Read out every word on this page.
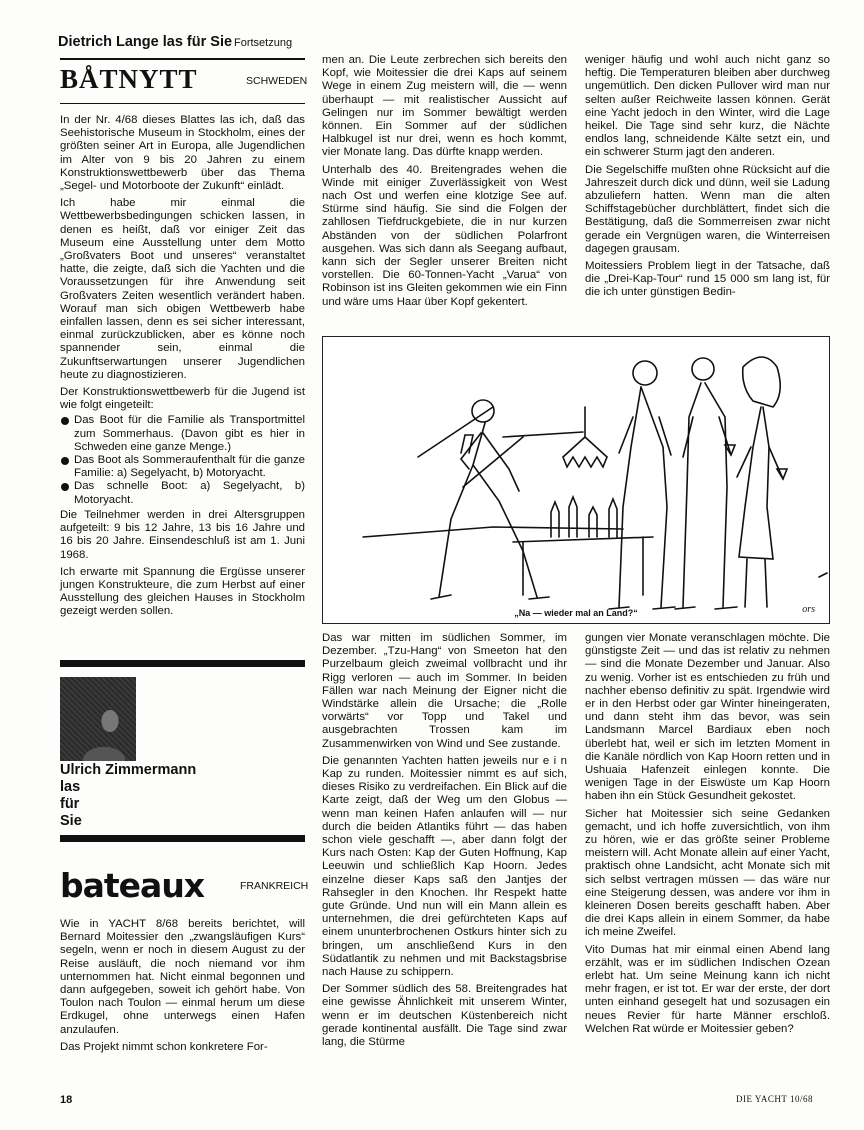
Dietrich Lange las für Sie Fortsetzung
BÅTNYTT	SCHWEDEN

In der Nr. 4/68 dieses Blattes las ich, daß das Seehistorische Museum in Stockholm, eines der größten seiner Art in Europa, alle Jugendlichen im Alter von 9 bis 20 Jahren zu einem Konstruktionswettbewerb über das Thema „Segel- und Motorboote der Zukunft“ einlädt.

Ich habe mir einmal die Wettbewerbsbedingungen schicken lassen, in denen es heißt, daß vor einiger Zeit das Museum eine Ausstellung unter dem Motto „Großvaters Boot und unseres“ veranstaltet hatte, die zeigte, daß sich die Yachten und die Voraussetzungen für ihre Anwendung seit Großvaters Zeiten wesentlich verändert haben. Worauf man sich obigen Wettbewerb habe einfallen lassen, denn es sei sicher interessant, einmal zurückzublicken, aber es könne noch spannender sein, einmal die Zukunftserwartungen unserer Jugendlichen heute zu diagnostizieren.

Der Konstruktionswettbewerb für die Jugend ist wie folgt eingeteilt:

Das Boot für die Familie als Transportmittel zum Sommerhaus. (Davon gibt es hier in Schweden eine ganze Menge.)
Das Boot als Sommeraufenthalt für die ganze Familie: a) Segelyacht, b) Motoryacht.
Das schnelle Boot: a) Segelyacht, b) Motoryacht.

Die Teilnehmer werden in drei Altersgruppen aufgeteilt: 9 bis 12 Jahre, 13 bis 16 Jahre und 16 bis 20 Jahre. Einsendeschluß ist am 1. Juni 1968.

Ich erwarte mit Spannung die Ergüsse unserer jungen Konstrukteure, die zum Herbst auf einer Ausstellung des gleichen Hauses in Stockholm gezeigt werden sollen.

Ulrich Zimmermann
las
für
Sie
bateaux	FRANKREICH

Wie in YACHT 8/68 bereits berichtet, will Bernard Moitessier den „zwangsläufigen Kurs“ segeln, wenn er noch in diesem August zu der Reise ausläuft, die noch niemand vor ihm unternommen hat. Nicht einmal begonnen und dann aufgegeben, soweit ich gehört habe. Von Toulon nach Toulon — einmal herum um diese Erdkugel, ohne unterwegs einen Hafen anzulaufen.

Das Projekt nimmt schon konkretere For-

men an. Die Leute zerbrechen sich bereits den Kopf, wie Moitessier die drei Kaps auf seinem Wege in einem Zug meistern will, die — wenn überhaupt — mit realistischer Aussicht auf Gelingen nur im Sommer bewältigt werden können. Ein Sommer auf der südlichen Halbkugel ist nur drei, wenn es hoch kommt, vier Monate lang. Das dürfte knapp werden.

Unterhalb des 40. Breitengrades wehen die Winde mit einiger Zuverlässigkeit von West nach Ost und werfen eine klotzige See auf. Stürme sind häufig. Sie sind die Folgen der zahllosen Tiefdruckgebiete, die in nur kurzen Abständen von der südlichen Polarfront ausgehen. Was sich dann als Seegang aufbaut, kann sich der Segler unserer Breiten nicht vorstellen. Die 60-Tonnen-Yacht „Varua“ von Robinson ist ins Gleiten gekommen wie ein Finn und wäre ums Haar über Kopf gekentert.

weniger häufig und wohl auch nicht ganz so heftig. Die Temperaturen bleiben aber durchweg ungemütlich. Den dicken Pullover wird man nur selten außer Reichweite lassen können. Gerät eine Yacht jedoch in den Winter, wird die Lage heikel. Die Tage sind sehr kurz, die Nächte endlos lang, schneidende Kälte setzt ein, und ein schwerer Sturm jagt den anderen.

Die Segelschiffe mußten ohne Rücksicht auf die Jahreszeit durch dick und dünn, weil sie Ladung abzuliefern hatten. Wenn man die alten Schiffstagebücher durchblättert, findet sich die Bestätigung, daß die Sommerreisen zwar nicht gerade ein Vergnügen waren, die Winterreisen dagegen grausam.

Moitessiers Problem liegt in der Tatsache, daß die „Drei-Kap-Tour“ rund 15 000 sm lang ist, für die ich unter günstigen Bedin-

ors
„Na — wieder mal an Land?“

Das war mitten im südlichen Sommer, im Dezember. „Tzu-Hang“ von Smeeton hat den Purzelbaum gleich zweimal vollbracht und ihr Rigg verloren — auch im Sommer. In beiden Fällen war nach Meinung der Eigner nicht die Windstärke allein die Ursache; die „Rolle vorwärts“ vor Topp und Takel und ausgebrachten Trossen kam im Zusammenwirken von Wind und See zustande.

Die genannten Yachten hatten jeweils nur e i n Kap zu runden. Moitessier nimmt es auf sich, dieses Risiko zu verdreifachen. Ein Blick auf die Karte zeigt, daß der Weg um den Globus — wenn man keinen Hafen anlaufen will — nur durch die beiden Atlantiks führt — das haben schon viele geschafft —, aber dann folgt der Kurs nach Osten: Kap der Guten Hoffnung, Kap Leeuwin und schließlich Kap Hoorn. Jedes einzelne dieser Kaps saß den Jantjes der Rahsegler in den Knochen. Ihr Respekt hatte gute Gründe. Und nun will ein Mann allein es unternehmen, die drei gefürchteten Kaps auf einem ununterbrochenen Ostkurs hinter sich zu bringen, um anschließend Kurs in den Südatlantik zu nehmen und mit Backstagsbrise nach Hause zu schippern.

Der Sommer südlich des 58. Breitengrades hat eine gewisse Ähnlichkeit mit unserem Winter, wenn er im deutschen Küstenbereich nicht gerade kontinental ausfällt. Die Tage sind zwar lang, die Stürme

gungen vier Monate veranschlagen möchte. Die günstigste Zeit — und das ist relativ zu nehmen — sind die Monate Dezember und Januar. Also zu wenig. Vorher ist es entschieden zu früh und nachher ebenso definitiv zu spät. Irgendwie wird er in den Herbst oder gar Winter hineingeraten, und dann steht ihm das bevor, was sein Landsmann Marcel Bardiaux eben noch überlebt hat, weil er sich im letzten Moment in die Kanäle nördlich von Kap Hoorn retten und in Ushuaia Hafenzeit einlegen konnte. Die wenigen Tage in der Eiswüste um Kap Hoorn haben ihn ein Stück Gesundheit gekostet.

Sicher hat Moitessier sich seine Gedanken gemacht, und ich hoffe zuversichtlich, von ihm zu hören, wie er das größte seiner Probleme meistern will. Acht Monate allein auf einer Yacht, praktisch ohne Landsicht, acht Monate sich mit sich selbst vertragen müssen — das wäre nur eine Steigerung dessen, was andere vor ihm in kleineren Dosen bereits geschafft haben. Aber die drei Kaps allein in einem Sommer, da habe ich meine Zweifel.

Vito Dumas hat mir einmal einen Abend lang erzählt, was er im südlichen Indischen Ozean erlebt hat. Um seine Meinung kann ich nicht mehr fragen, er ist tot. Er war der erste, der dort unten einhand gesegelt hat und sozusagen ein neues Revier für harte Männer erschloß. Welchen Rat würde er Moitessier geben?

18	DIE YACHT 10/68
